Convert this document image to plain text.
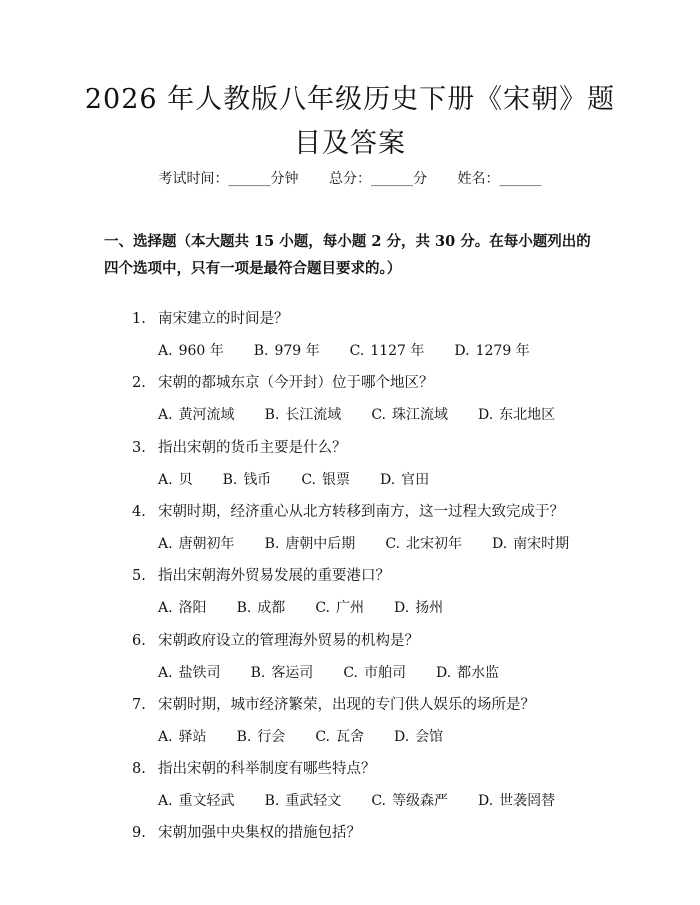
2026 年人教版八年级历史下册《宋朝》题目及答案
考试时间：______分钟 总分：______分 姓名：______
一、选择题（本大题共 15 小题，每小题 2 分，共 30 分。在每小题列出的四个选项中，只有一项是最符合题目要求的。）
1. 南宋建立的时间是？
A. 960 年 B. 979 年 C. 1127 年 D. 1279 年
2. 宋朝的都城东京（今开封）位于哪个地区？
A. 黄河流域 B. 长江流域 C. 珠江流域 D. 东北地区
3. 指出宋朝的货币主要是什么？
A. 贝 B. 钱币 C. 银票 D. 官田
4. 宋朝时期，经济重心从北方转移到南方，这一过程大致完成于？
A. 唐朝初年 B. 唐朝中后期 C. 北宋初年 D. 南宋时期
5. 指出宋朝海外贸易发展的重要港口？
A. 洛阳 B. 成都 C. 广州 D. 扬州
6. 宋朝政府设立的管理海外贸易的机构是？
A. 盐铁司 B. 客运司 C. 市舶司 D. 都水监
7. 宋朝时期，城市经济繁荣，出现的专门供人娱乐的场所是？
A. 驿站 B. 行会 C. 瓦舍 D. 会馆
8. 指出宋朝的科举制度有哪些特点？
A. 重文轻武 B. 重武轻文 C. 等级森严 D. 世袭罔替
9. 宋朝加强中央集权的措施包括？
